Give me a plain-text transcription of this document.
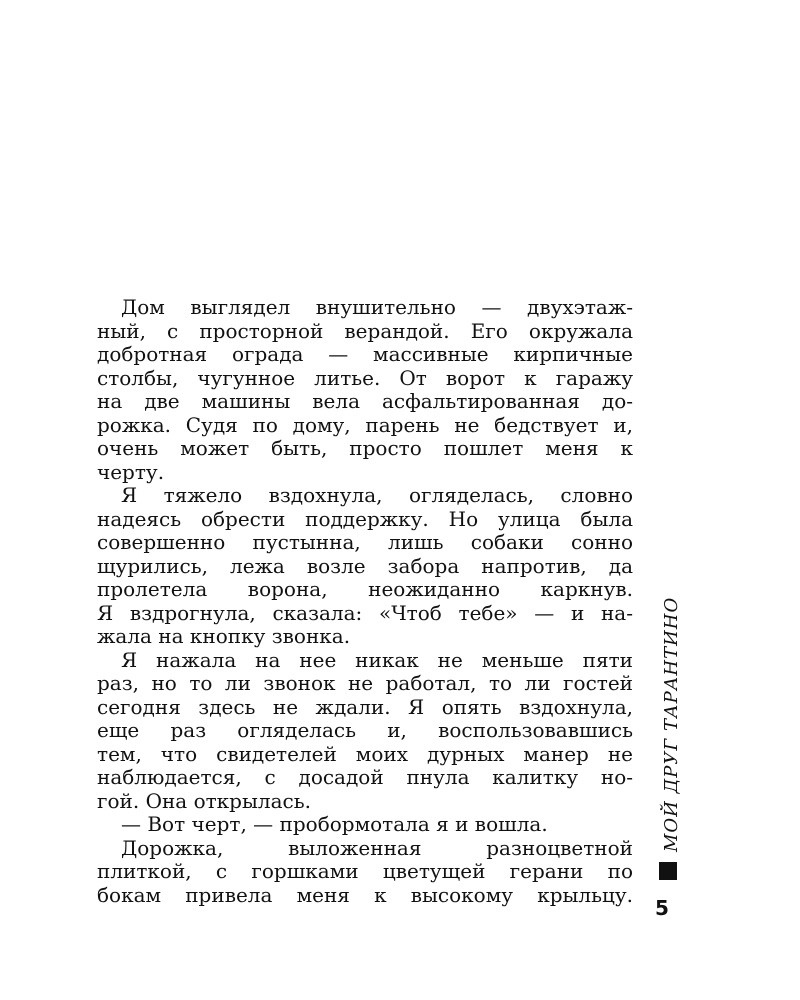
Дом выглядел внушительно — двухэтаж-
ный, с просторной верандой. Его окружала
добротная ограда — массивные кирпичные
столбы, чугунное литье. От ворот к гаражу
на две машины вела асфальтированная до-
рожка. Судя по дому, парень не бедствует и,
очень может быть, просто пошлет меня к
черту.
Я тяжело вздохнула, огляделась, словно
надеясь обрести поддержку. Но улица была
совершенно пустынна, лишь собаки сонно
щурились, лежа возле забора напротив, да
пролетела ворона, неожиданно каркнув.
Я вздрогнула, сказала: «Чтоб тебе» — и на-
жала на кнопку звонка.
Я нажала на нее никак не меньше пяти
раз, но то ли звонок не работал, то ли гостей
сегодня здесь не ждали. Я опять вздохнула,
еще раз огляделась и, воспользовавшись
тем, что свидетелей моих дурных манер не
наблюдается, с досадой пнула калитку но-
гой. Она открылась.
— Вот черт, — пробормотала я и вошла.
Дорожка, выложенная разноцветной
плиткой, с горшками цветущей герани по
бокам привела меня к высокому крыльцу.
МОЙ ДРУГ ТАРАНТИНО
5
